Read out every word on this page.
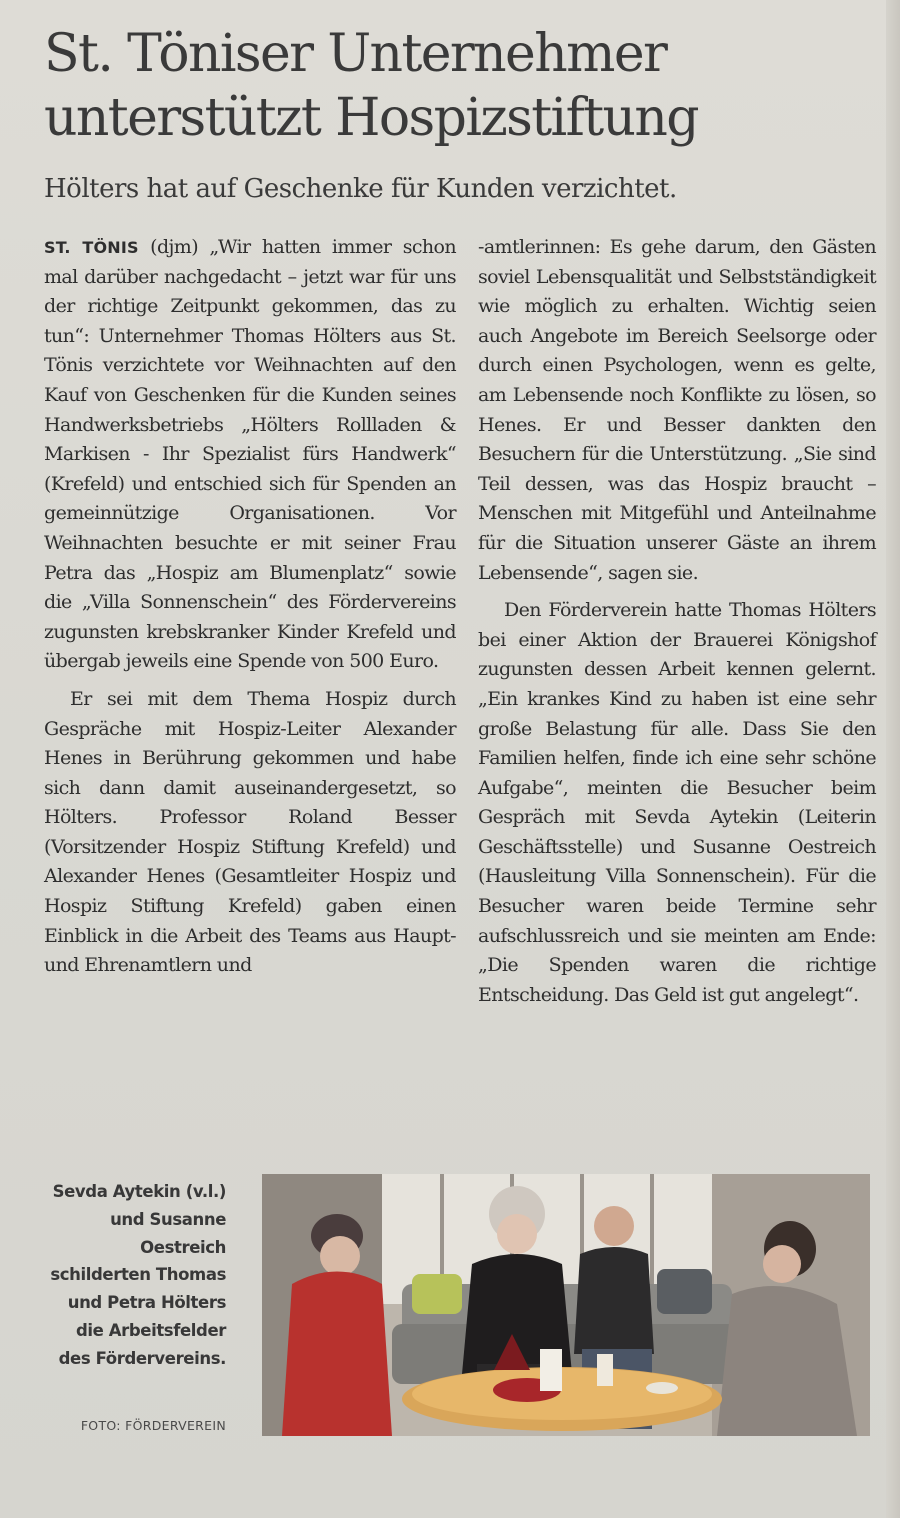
St. Töniser Unternehmer
unterstützt Hospizstiftung

Hölters hat auf Geschenke für Kunden verzichtet.

ST. TÖNIS (djm) „Wir hatten immer schon mal darüber nachgedacht – jetzt war für uns der richtige Zeitpunkt gekommen, das zu tun“: Unternehmer Thomas Hölters aus St. Tönis verzichtete vor Weihnachten auf den Kauf von Geschenken für die Kunden seines Handwerksbetriebs „Hölters Rollladen & Markisen - Ihr Spezialist fürs Handwerk“ (Krefeld) und entschied sich für Spenden an gemeinnützige Organisationen. Vor Weihnachten besuchte er mit seiner Frau Petra das „Hospiz am Blumenplatz“ sowie die „Villa Sonnenschein“ des Fördervereins zugunsten krebskranker Kinder Krefeld und übergab jeweils eine Spende von 500 Euro.

Er sei mit dem Thema Hospiz durch Gespräche mit Hospiz-Leiter Alexander Henes in Berührung gekommen und habe sich dann damit auseinandergesetzt, so Hölters. Professor Roland Besser (Vorsitzender Hospiz Stiftung Krefeld) und Alexander Henes (Gesamtleiter Hospiz und Hospiz Stiftung Krefeld) gaben einen Einblick in die Arbeit des Teams aus Haupt- und Ehrenamtlern und

-amtlerinnen: Es gehe darum, den Gästen soviel Lebensqualität und Selbstständigkeit wie möglich zu erhalten. Wichtig seien auch Angebote im Bereich Seelsorge oder durch einen Psychologen, wenn es gelte, am Lebensende noch Konflikte zu lösen, so Henes. Er und Besser dankten den Besuchern für die Unterstützung. „Sie sind Teil dessen, was das Hospiz braucht – Menschen mit Mitgefühl und Anteilnahme für die Situation unserer Gäste an ihrem Lebensende“, sagen sie.

Den Förderverein hatte Thomas Hölters bei einer Aktion der Brauerei Königshof zugunsten dessen Arbeit kennen gelernt. „Ein krankes Kind zu haben ist eine sehr große Belastung für alle. Dass Sie den Familien helfen, finde ich eine sehr schöne Aufgabe“, meinten die Besucher beim Gespräch mit Sevda Aytekin (Leiterin Geschäftsstelle) und Susanne Oestreich (Hausleitung Villa Sonnenschein). Für die Besucher waren beide Termine sehr aufschlussreich und sie meinten am Ende: „Die Spenden waren die richtige Entscheidung. Das Geld ist gut angelegt“.

Sevda Aytekin (v.l.) und Susanne Oestreich schilderten Thomas und Petra Hölters die Arbeitsfelder des Fördervereins.
FOTO: FÖRDERVEREIN
